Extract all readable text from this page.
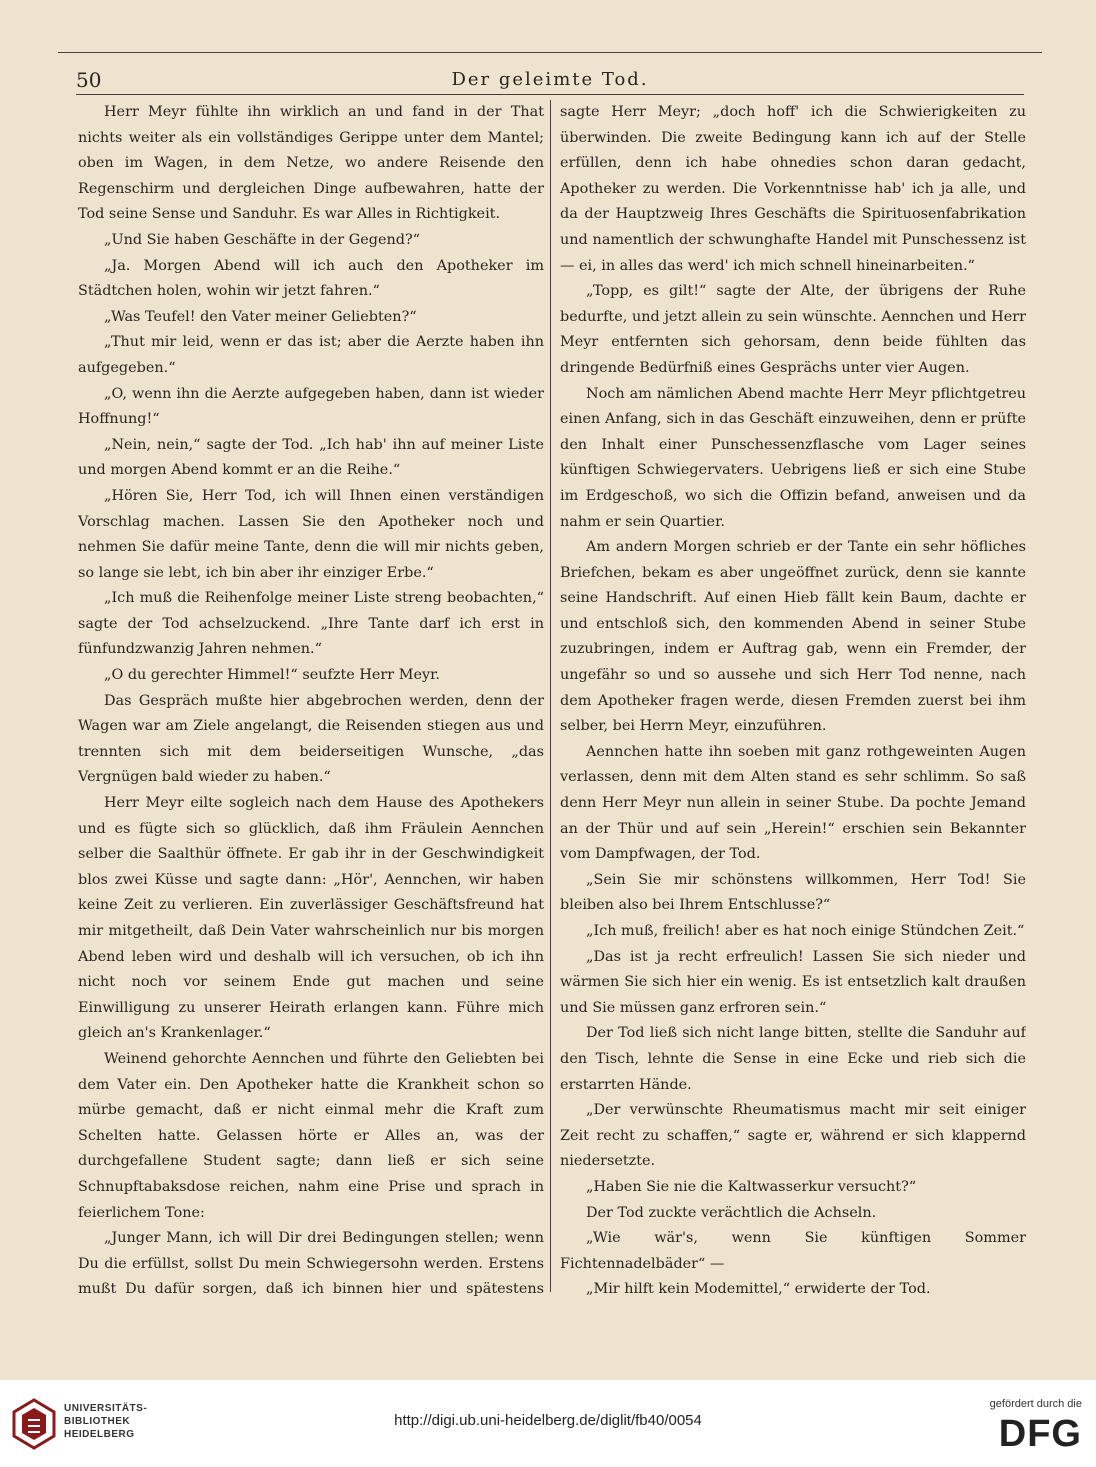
50	Der geleimte Tod.

Herr Meyr fühlte ihn wirklich an und fand in der That nichts weiter als ein vollständiges Gerippe unter dem Mantel; oben im Wagen, in dem Netze, wo andere Reisende den Regenschirm und dergleichen Dinge aufbewahren, hatte der Tod seine Sense und Sanduhr. Es war Alles in Richtigkeit.

„Und Sie haben Geschäfte in der Gegend?“

„Ja. Morgen Abend will ich auch den Apotheker im Städtchen holen, wohin wir jetzt fahren.“

„Was Teufel! den Vater meiner Geliebten?“

„Thut mir leid, wenn er das ist; aber die Aerzte haben ihn aufgegeben.“

„O, wenn ihn die Aerzte aufgegeben haben, dann ist wieder Hoffnung!“

„Nein, nein,“ sagte der Tod. „Ich hab' ihn auf meiner Liste und morgen Abend kommt er an die Reihe.“

„Hören Sie, Herr Tod, ich will Ihnen einen verständigen Vorschlag machen. Lassen Sie den Apotheker noch und nehmen Sie dafür meine Tante, denn die will mir nichts geben, so lange sie lebt, ich bin aber ihr einziger Erbe.“

„Ich muß die Reihenfolge meiner Liste streng beobachten,“ sagte der Tod achselzuckend. „Ihre Tante darf ich erst in fünfundzwanzig Jahren nehmen.“

„O du gerechter Himmel!“ seufzte Herr Meyr.

Das Gespräch mußte hier abgebrochen werden, denn der Wagen war am Ziele angelangt, die Reisenden stiegen aus und trennten sich mit dem beiderseitigen Wunsche, „das Vergnügen bald wieder zu haben.“

Herr Meyr eilte sogleich nach dem Hause des Apothekers und es fügte sich so glücklich, daß ihm Fräulein Aennchen selber die Saalthür öffnete. Er gab ihr in der Geschwindigkeit blos zwei Küsse und sagte dann: „Hör', Aennchen, wir haben keine Zeit zu verlieren. Ein zuverlässiger Geschäftsfreund hat mir mitgetheilt, daß Dein Vater wahrscheinlich nur bis morgen Abend leben wird und deshalb will ich versuchen, ob ich ihn nicht noch vor seinem Ende gut machen und seine Einwilligung zu unserer Heirath erlangen kann. Führe mich gleich an's Krankenlager.“

Weinend gehorchte Aennchen und führte den Geliebten bei dem Vater ein. Den Apotheker hatte die Krankheit schon so mürbe gemacht, daß er nicht einmal mehr die Kraft zum Schelten hatte. Gelassen hörte er Alles an, was der durchgefallene Student sagte; dann ließ er sich seine Schnupftabaksdose reichen, nahm eine Prise und sprach in feierlichem Tone:

„Junger Mann, ich will Dir drei Bedingungen stellen; wenn Du die erfüllst, sollst Du mein Schwiegersohn werden. Erstens mußt Du dafür sorgen, daß ich binnen hier und spätestens

sagte Herr Meyr; „doch hoff' ich die Schwierigkeiten zu überwinden. Die zweite Bedingung kann ich auf der Stelle erfüllen, denn ich habe ohnedies schon daran gedacht, Apotheker zu werden. Die Vorkenntnisse hab' ich ja alle, und da der Hauptzweig Ihres Geschäfts die Spirituosenfabrikation und namentlich der schwunghafte Handel mit Punschessenz ist — ei, in alles das werd' ich mich schnell hineinarbeiten.“

„Topp, es gilt!“ sagte der Alte, der übrigens der Ruhe bedurfte, und jetzt allein zu sein wünschte. Aennchen und Herr Meyr entfernten sich gehorsam, denn beide fühlten das dringende Bedürfniß eines Gesprächs unter vier Augen.

Noch am nämlichen Abend machte Herr Meyr pflichtgetreu einen Anfang, sich in das Geschäft einzuweihen, denn er prüfte den Inhalt einer Punschessenzflasche vom Lager seines künftigen Schwiegervaters. Uebrigens ließ er sich eine Stube im Erdgeschoß, wo sich die Offizin befand, anweisen und da nahm er sein Quartier.

Am andern Morgen schrieb er der Tante ein sehr höfliches Briefchen, bekam es aber ungeöffnet zurück, denn sie kannte seine Handschrift. Auf einen Hieb fällt kein Baum, dachte er und entschloß sich, den kommenden Abend in seiner Stube zuzubringen, indem er Auftrag gab, wenn ein Fremder, der ungefähr so und so aussehe und sich Herr Tod nenne, nach dem Apotheker fragen werde, diesen Fremden zuerst bei ihm selber, bei Herrn Meyr, einzuführen.

Aennchen hatte ihn soeben mit ganz rothgeweinten Augen verlassen, denn mit dem Alten stand es sehr schlimm. So saß denn Herr Meyr nun allein in seiner Stube. Da pochte Jemand an der Thür und auf sein „Herein!“ erschien sein Bekannter vom Dampfwagen, der Tod.

„Sein Sie mir schönstens willkommen, Herr Tod! Sie bleiben also bei Ihrem Entschlusse?“

„Ich muß, freilich! aber es hat noch einige Stündchen Zeit.“

„Das ist ja recht erfreulich! Lassen Sie sich nieder und wärmen Sie sich hier ein wenig. Es ist entsetzlich kalt draußen und Sie müssen ganz erfroren sein.“

Der Tod ließ sich nicht lange bitten, stellte die Sanduhr auf den Tisch, lehnte die Sense in eine Ecke und rieb sich die erstarrten Hände.

„Der verwünschte Rheumatismus macht mir seit einiger Zeit recht zu schaffen,“ sagte er, während er sich klappernd niedersetzte.

„Haben Sie nie die Kaltwasserkur versucht?“

Der Tod zuckte verächtlich die Achseln.

„Wie wär's, wenn Sie künftigen Sommer Fichtennadelbäder“ —

„Mir hilft kein Modemittel,“ erwiderte der Tod.

UNIVERSITÄTS-
BIBLIOTHEK
HEIDELBERG
http://digi.ub.uni-heidelberg.de/diglit/fb40/0054
gefördert durch die
DFG
